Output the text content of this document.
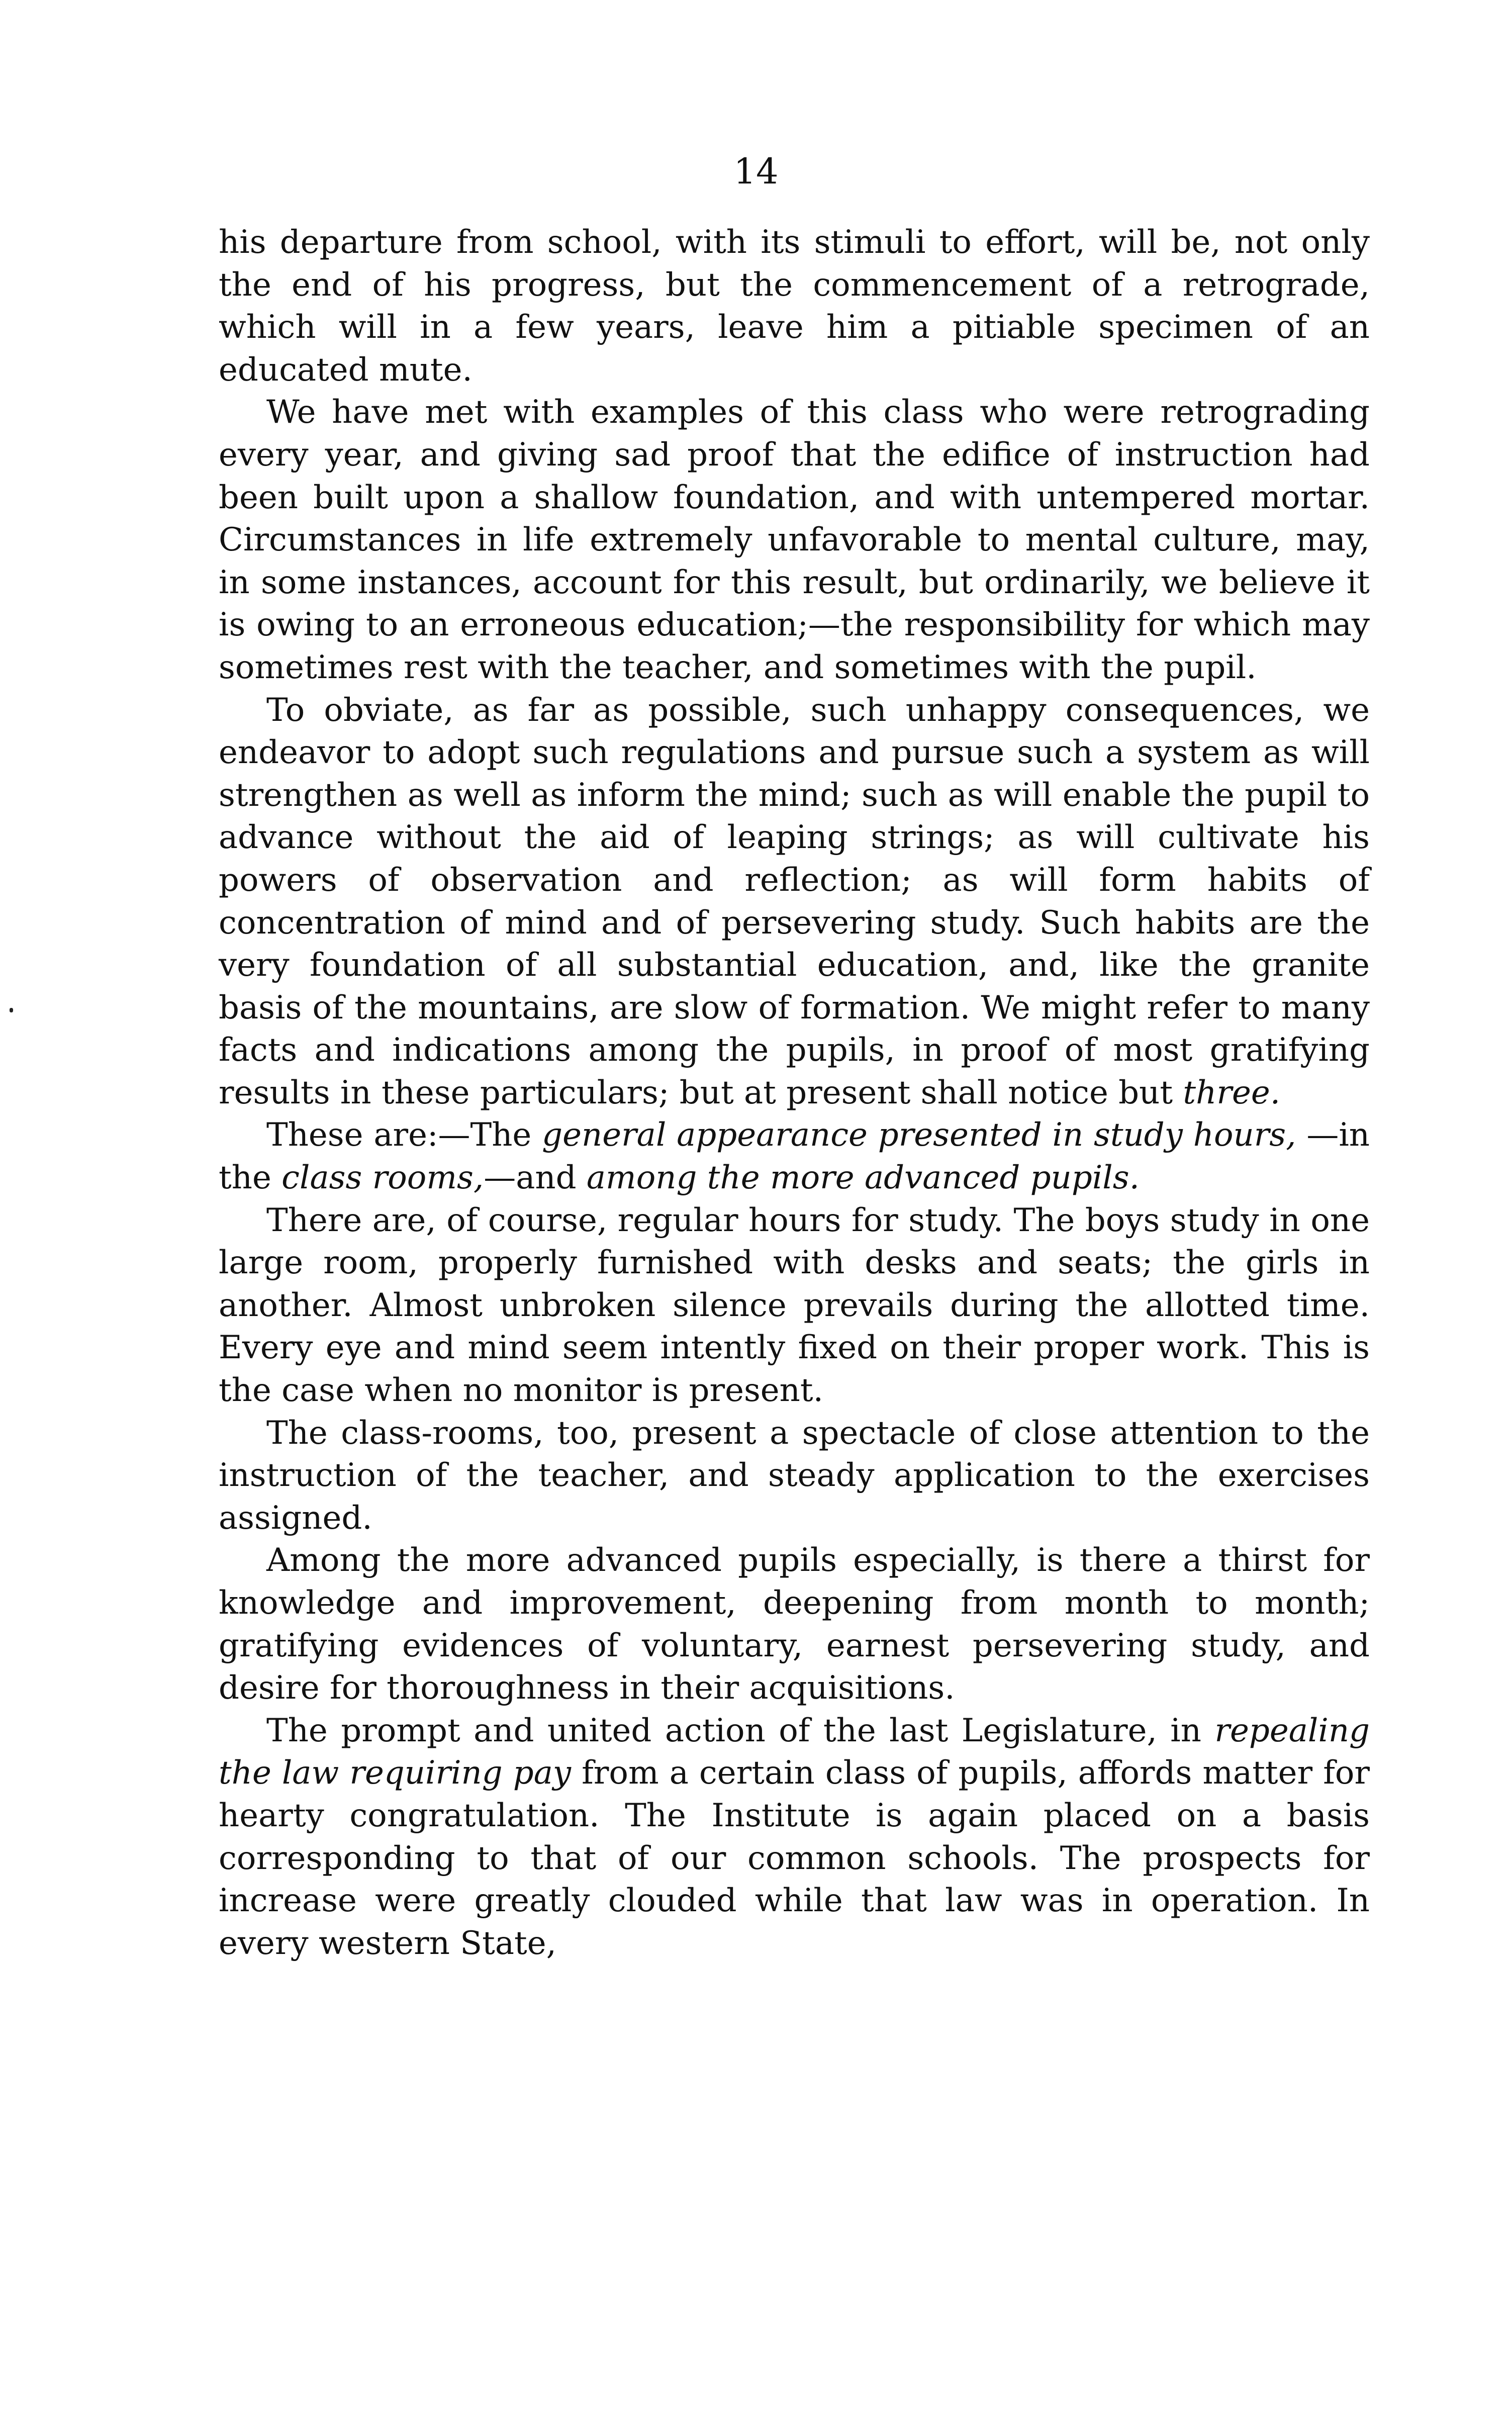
14

his departure from school, with its stimuli to effort, will be, not only the end of his progress, but the commencement of a retrograde, which will in a few years, leave him a pitiable specimen of an educated mute.

We have met with examples of this class who were retrograding every year, and giving sad proof that the edifice of instruction had been built upon a shallow foundation, and with untempered mortar. Circumstances in life extremely unfavorable to mental culture, may, in some instances, account for this result, but ordinarily, we believe it is owing to an erroneous education;—the responsibility for which may sometimes rest with the teacher, and sometimes with the pupil.

To obviate, as far as possible, such unhappy consequences, we endeavor to adopt such regulations and pursue such a system as will strengthen as well as inform the mind; such as will enable the pupil to advance without the aid of leaping strings; as will cultivate his powers of observation and reflection; as will form habits of concentration of mind and of persevering study. Such habits are the very foundation of all substantial education, and, like the granite basis of the mountains, are slow of formation. We might refer to many facts and indications among the pupils, in proof of most gratifying results in these particulars; but at present shall notice but three.

These are:—The general appearance presented in study hours, —in the class rooms,—and among the more advanced pupils.

There are, of course, regular hours for study. The boys study in one large room, properly furnished with desks and seats; the girls in another. Almost unbroken silence prevails during the allotted time. Every eye and mind seem intently fixed on their proper work. This is the case when no monitor is present.

The class-rooms, too, present a spectacle of close attention to the instruction of the teacher, and steady application to the exercises assigned.

Among the more advanced pupils especially, is there a thirst for knowledge and improvement, deepening from month to month; gratifying evidences of voluntary, earnest persevering study, and desire for thoroughness in their acquisitions.

The prompt and united action of the last Legislature, in repealing the law requiring pay from a certain class of pupils, affords matter for hearty congratulation. The Institute is again placed on a basis corresponding to that of our common schools. The prospects for increase were greatly clouded while that law was in operation. In every western State,
